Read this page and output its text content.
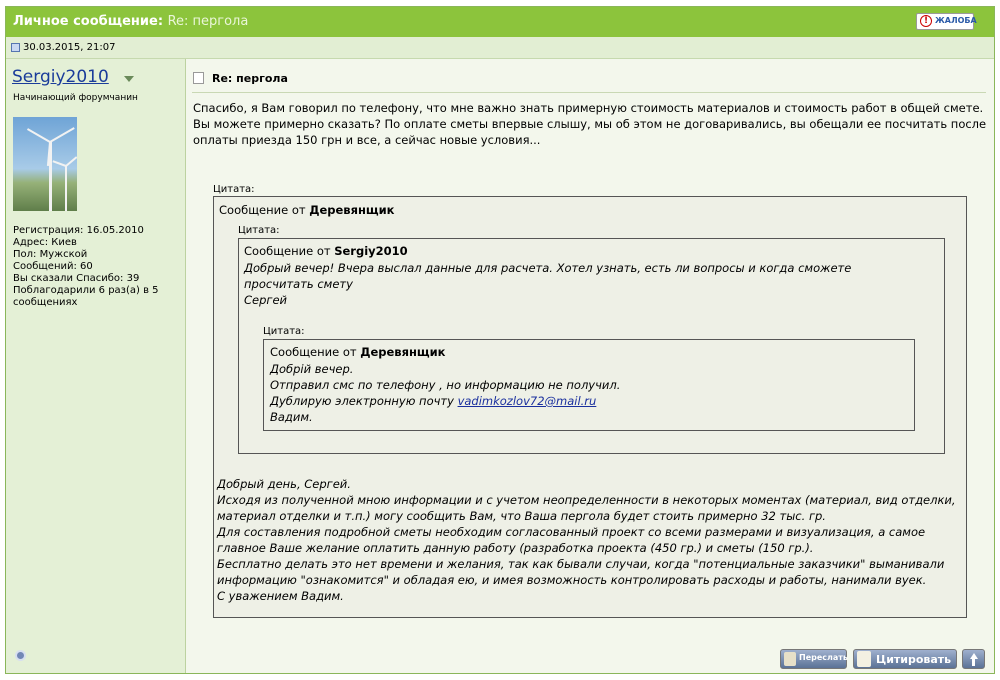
Личное сообщение: Re: пергола	! ЖАЛОБА
30.03.2015, 21:07
Sergiy2010
Начинающий форумчанин
Регистрация: 16.05.2010
Адрес: Киев
Пол: Мужской
Сообщений: 60
Вы сказали Спасибо: 39
Поблагодарили 6 раз(а) в 5 сообщениях
Re: пергола
Спасибо, я Вам говорил по телефону, что мне важно знать примерную стоимость материалов и стоимость работ в общей смете. Вы можете примерно сказать? По оплате сметы впервые слышу, мы об этом не договаривались, вы обещали ее посчитать после оплаты приезда 150 грн и все, а сейчас новые условия...
Цитата:
Сообщение от Деревянщик
Цитата:
Сообщение от Sergiy2010
Добрый вечер! Вчера выслал данные для расчета. Хотел узнать, есть ли вопросы и когда сможете просчитать смету
Сергей
Цитата:
Сообщение от Деревянщик
Добрій вечер.
Отправил смс по телефону , но информацию не получил.
Дублирую электронную почту vadimkozlov72@mail.ru
Вадим.
Добрый день, Сергей.
Исходя из полученной мною информации и с учетом неопределенности в некоторых моментах (материал, вид отделки, материал отделки и т.п.) могу сообщить Вам, что Ваша пергола будет стоить примерно 32 тыс. гр.
Для составления подробной сметы необходим согласованный проект со всеми размерами и визуализация, а самое главное Ваше желание оплатить данную работу (разработка проекта (450 гр.) и сметы (150 гр.).
Бесплатно делать это нет времени и желания, так как бывали случаи, когда "потенциальные заказчики" выманивали информацию "ознакомится" и обладая ею, и имея возможность контролировать расходы и работы, нанимали вуек.
С уважением Вадим.
Переслать	Цитировать
